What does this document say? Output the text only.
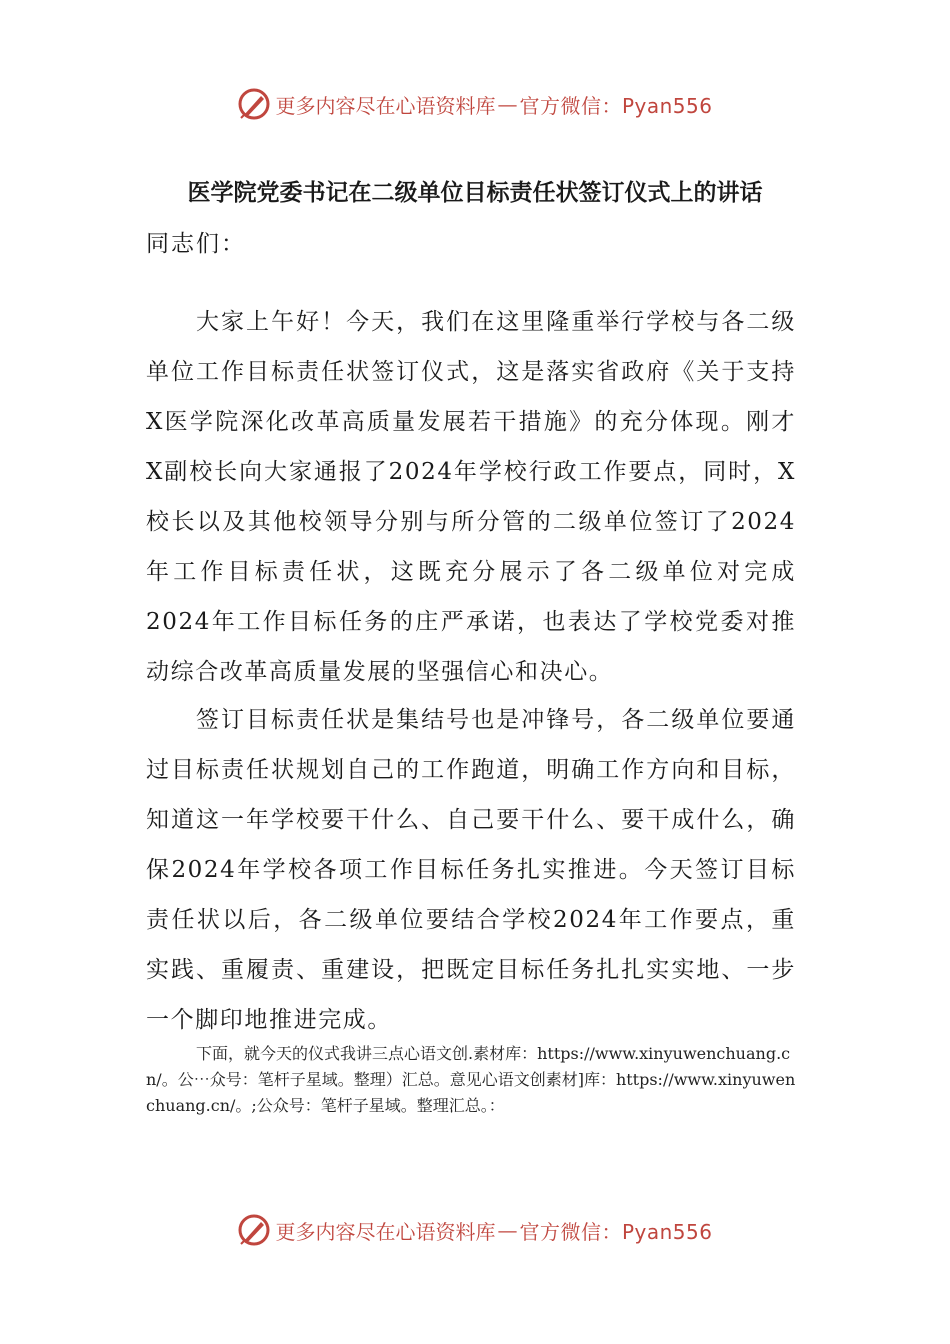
更多内容尽在心语资料库 — 官方微信：Pyan556
医学院党委书记在二级单位目标责任状签订仪式上的讲话
同志们：

大家上午好！今天，我们在这里隆重举行学校与各二级单位工作目标责任状签订仪式，这是落实省政府《关于支持X医学院深化改革高质量发展若干措施》的充分体现。刚才X副校长向大家通报了2024年学校行政工作要点，同时，X校长以及其他校领导分别与所分管的二级单位签订了2024年工作目标责任状，这既充分展示了各二级单位对完成2024年工作目标任务的庄严承诺，也表达了学校党委对推动综合改革高质量发展的坚强信心和决心。

签订目标责任状是集结号也是冲锋号，各二级单位要通过目标责任状规划自己的工作跑道，明确工作方向和目标，知道这一年学校要干什么、自己要干什么、要干成什么，确保2024年学校各项工作目标任务扎实推进。今天签订目标责任状以后，各二级单位要结合学校2024年工作要点，重实践、重履责、重建设，把既定目标任务扎扎实实地、一步一个脚印地推进完成。

下面，就今天的仪式我讲三点心语文创.素材库：https://www.xinyuwenchuang.cn/。公⋯众号：笔杆子星域。整理）汇总。意见心语文创素材]库：https://www.xinyuwenchuang.cn/。;公众号：笔杆子星域。整理汇总。：

更多内容尽在心语资料库 — 官方微信：Pyan556
